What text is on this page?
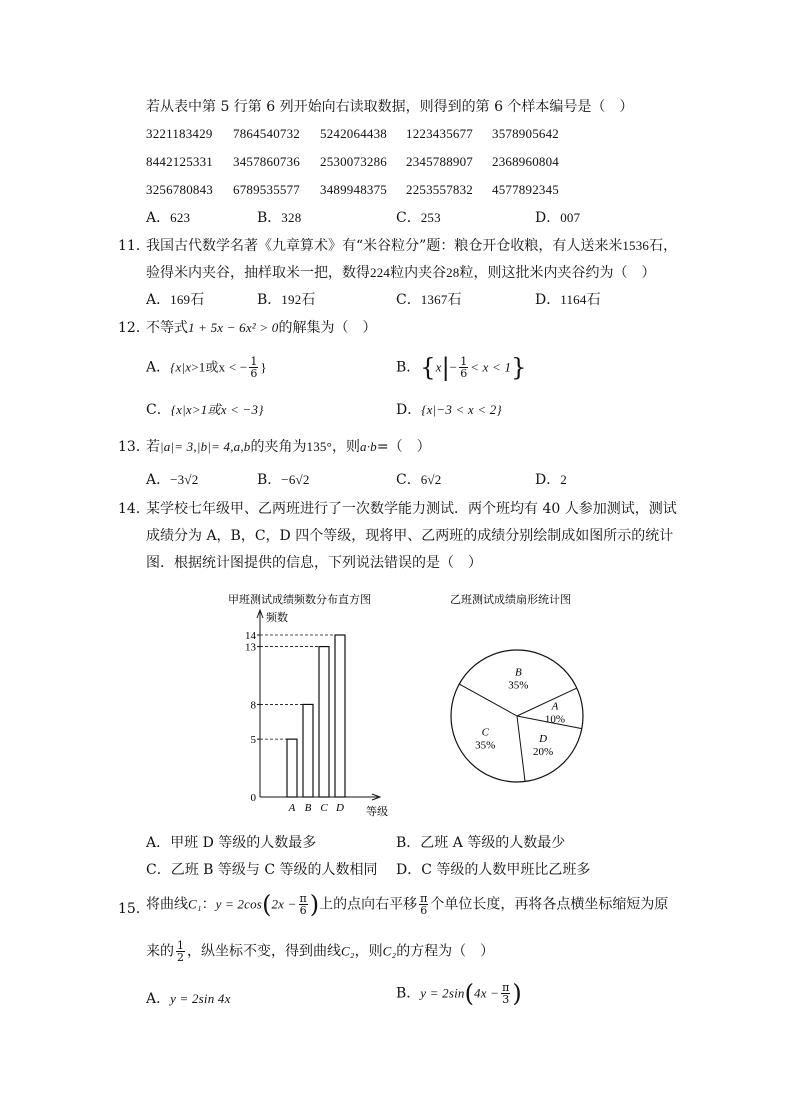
若从表中第 5 行第 6 列开始向右读取数据，则得到的第 6 个样本编号是（　）
3221183429 7864540732 5242064438 1223435677 3578905642
8442125331 3457860736 2530073286 2345788907 2368960804
3256780843 6789535577 3489948375 2253557832 4577892345
A．623	B．328	C．253	D．007
11．
我国古代数学名著《九章算术》有“米谷粒分”题：粮仓开仓收粮，有人送来米1536石，
验得米内夹谷，抽样取米一把，数得224粒内夹谷28粒，则这批米内夹谷约为（　）
A．169石	B．192石	C．1367石	D．1164石
12．
不等式1 + 5x − 6x² > 0的解集为（　）
A．{x|x>1或x < − $\frac{1}{6}$ }	B．$\{x|- \frac{1}{6} < x < 1\}$
C．{x|x>1或x < −3}	D．{x|−3 < x < 2}
13．
若|a|= 3,|b|= 4,a,b的夹角为135°，则a·b=（　）
A．−3√2	B．−6√2	C．6√2	D．2
14．
某学校七年级甲、乙两班进行了一次数学能力测试．两个班均有 40 人参加测试，测试
成绩分为 A，B，C，D 四个等级，现将甲、乙两班的成绩分别绘制成如图所示的统计
图．根据统计图提供的信息，下列说法错误的是（　）
甲班测试成绩频数分布直方图
频数
等级
A B C D
0
5
8
13
14
乙班测试成绩扇形统计图
A
10%
D
20%
C
35%
B
35%
A．甲班 D 等级的人数最多	B．乙班 A 等级的人数最少
C．乙班 B 等级与 C 等级的人数相同 D．C 等级的人数甲班比乙班多
15．
将曲线C₁：$y = 2\cos(2x - \frac{\pi}{6}$ )上的点向右平移 $\frac{\pi}{6}$ 个单位长度，再将各点横坐标缩短为原
来的 $\frac{1}{2}$ ，纵坐标不变，得到曲线C₂，则C₂的方程为（　）
A．y = 2sin 4x	B．$y = 2\sin(4x - \frac{\pi}{3}$ )
